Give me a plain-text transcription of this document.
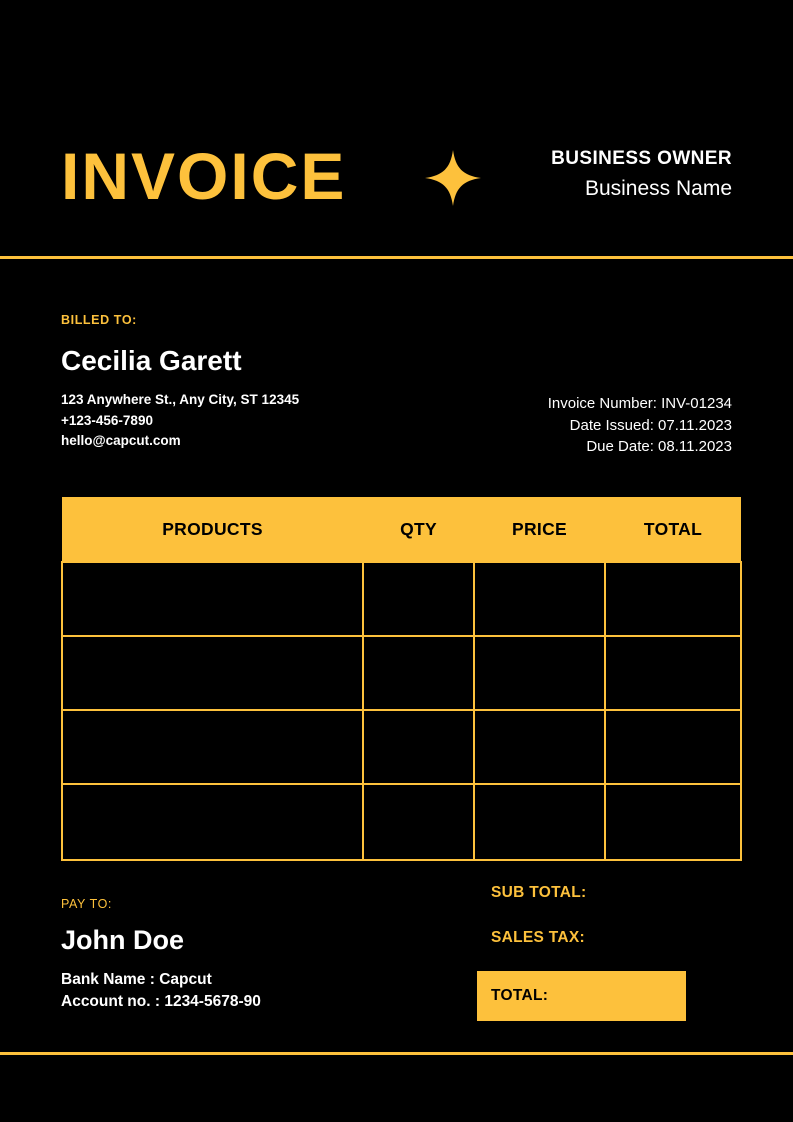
INVOICE	BUSINESS OWNER
Business Name
BILLED TO:
Cecilia Garett
123 Anywhere St., Any City, ST 12345
+123-456-7890
hello@capcut.com
Invoice Number: INV-01234
Date Issued: 07.11.2023
Due Date: 08.11.2023
PRODUCTS	QTY	PRICE	TOTAL

PAY TO:
John Doe
Bank Name : Capcut
Account no. : 1234-5678-90
SUB TOTAL:
SALES TAX:
TOTAL:
